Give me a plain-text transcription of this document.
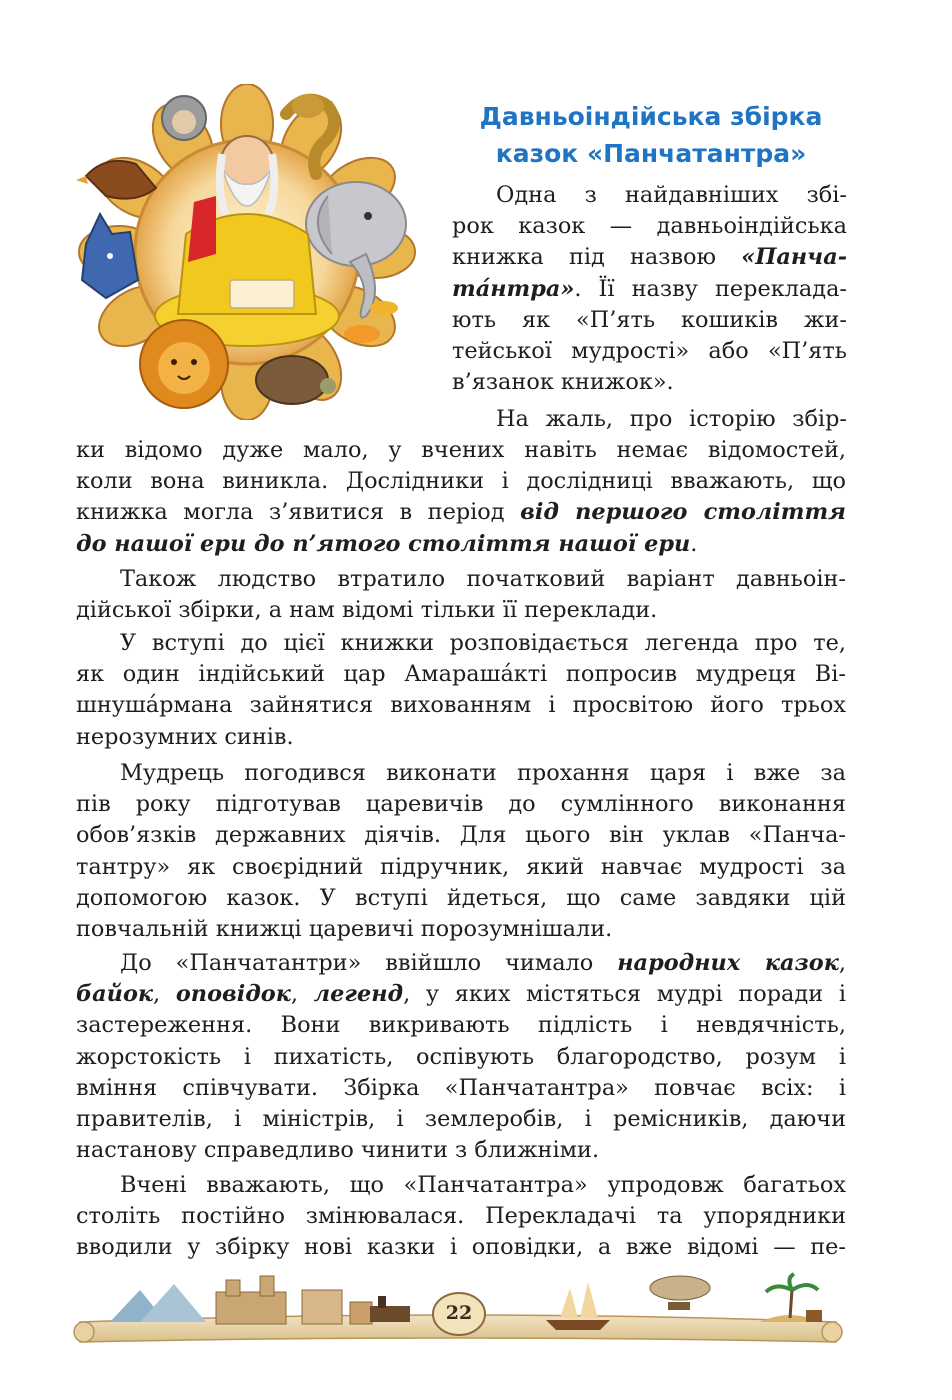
Давньоіндійська збірка
казок «Панчатантра»
Одна з найдавніших збі-
рок казок — давньоіндійська
книжка під назвою «Панча-
та́нтра». Її назву переклада-
ють як «П’ять кошиків жи-
тейської мудрості» або «П’ять
в’язанок книжок».
На жаль, про історію збір-
ки відомо дуже мало, у вчених навіть немає відомостей,
коли вона виникла. Дослідники і дослідниці вважають, що
книжка могла з’явитися в період від першого століття
до нашої ери до п’ятого століття нашої ери.
Також людство втратило початковий варіант давньоін-
дійської збірки, а нам відомі тільки її переклади.
У вступі до цієї книжки розповідається легенда про те,
як один індійський цар Амараша́кті попросив мудреця Ві-
шнуша́рмана зайнятися вихованням і просвітою його трьох
нерозумних синів.
Мудрець погодився виконати прохання царя і вже за
пів року підготував царевичів до сумлінного виконання
обов’язків державних діячів. Для цього він уклав «Панча-
тантру» як своєрідний підручник, який навчає мудрості за
допомогою казок. У вступі йдеться, що саме завдяки цій
повчальній книжці царевичі порозумнішали.
До «Панчатантри» ввійшло чимало народних казок,
байок, оповідок, легенд, у яких містяться мудрі поради і
застереження. Вони викривають підлість і невдячність,
жорстокість і пихатість, оспівують благородство, розум і
вміння співчувати. Збірка «Панчатантра» повчає всіх: і
правителів, і міністрів, і землеробів, і ремісників, даючи
настанову справедливо чинити з ближніми.
Вчені вважають, що «Панчатантра» упродовж багатьох
століть постійно змінювалася. Перекладачі та упорядники
вводили у збірку нові казки і оповідки, а вже відомі — пе-
22
